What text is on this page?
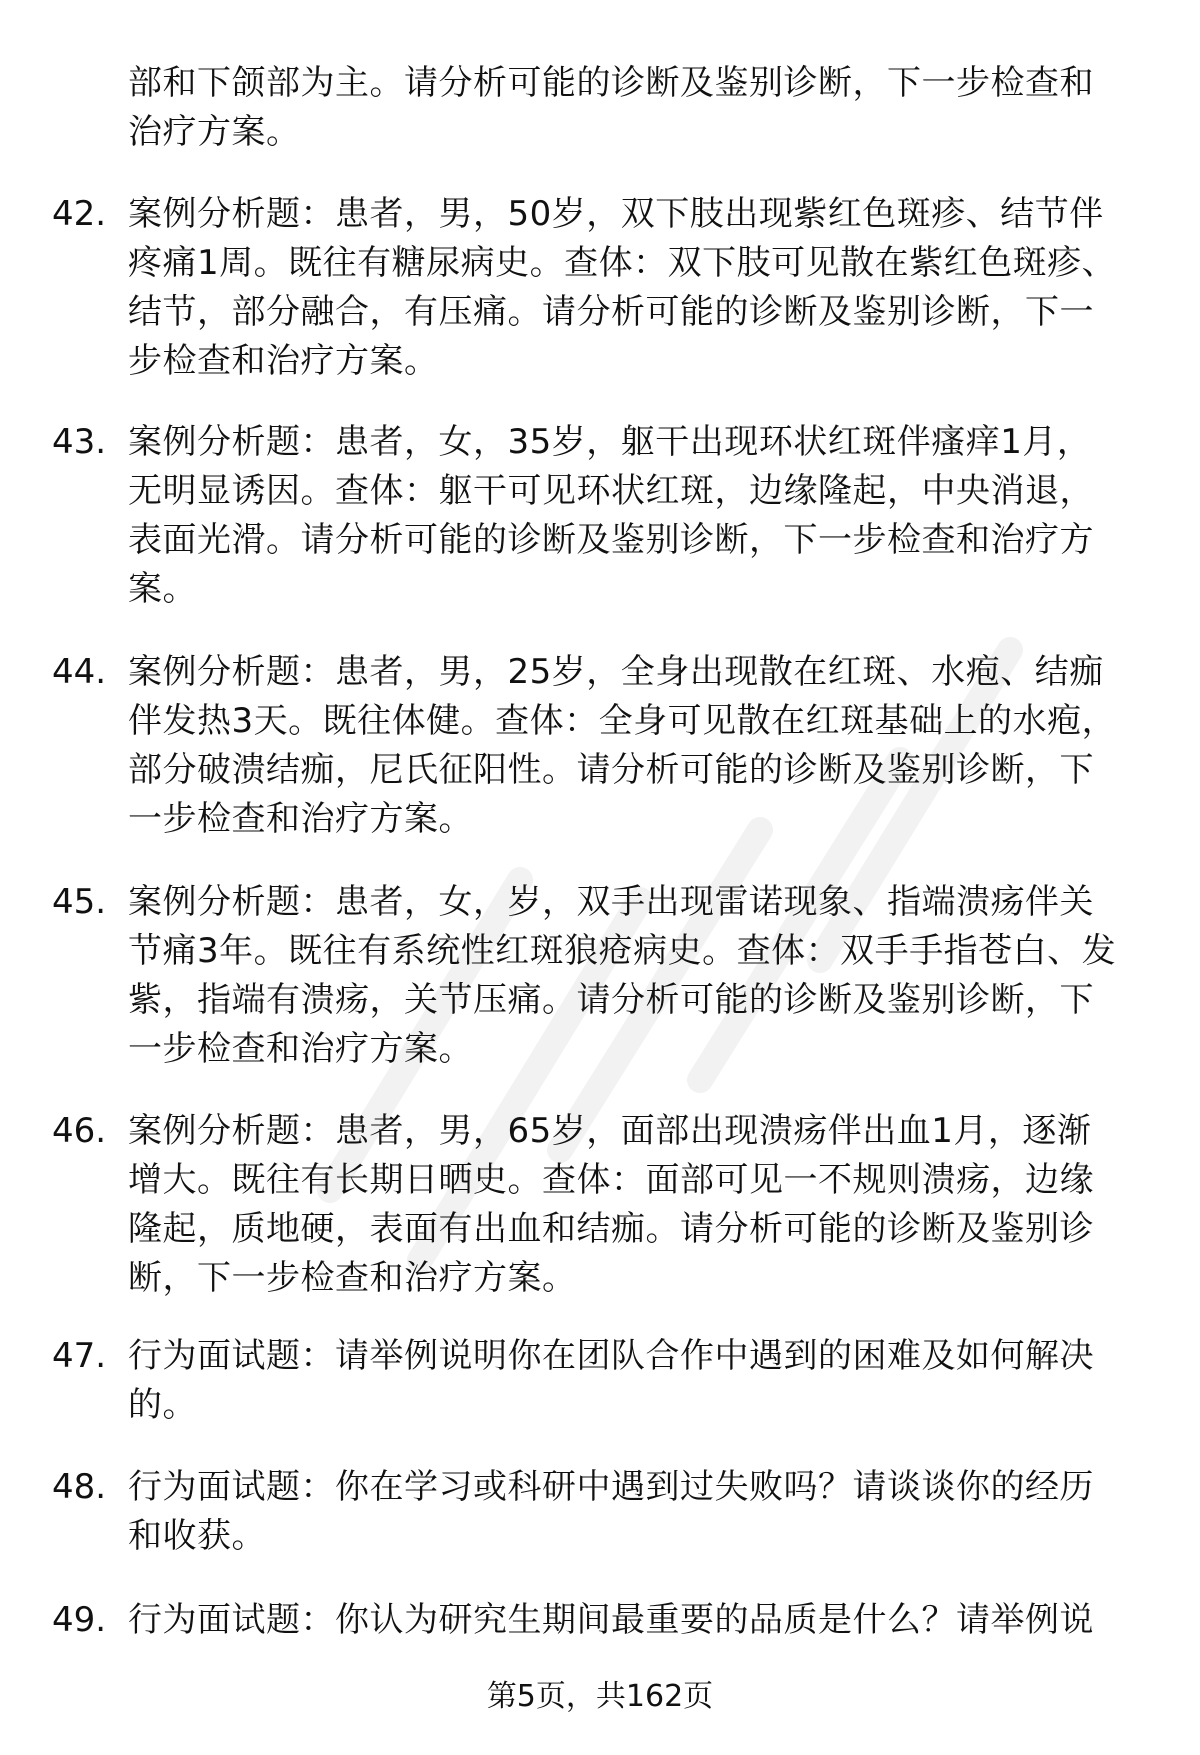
部和下颌部为主。请分析可能的诊断及鉴别诊断，下一步检查和
治疗方案。
42. 案例分析题：患者，男，50岁，双下肢出现紫红色斑疹、结节伴
疼痛1周。既往有糖尿病史。查体：双下肢可见散在紫红色斑疹、
结节，部分融合，有压痛。请分析可能的诊断及鉴别诊断，下一
步检查和治疗方案。
43. 案例分析题：患者，女，35岁，躯干出现环状红斑伴瘙痒1月，
无明显诱因。查体：躯干可见环状红斑，边缘隆起，中央消退，
表面光滑。请分析可能的诊断及鉴别诊断，下一步检查和治疗方
案。
44. 案例分析题：患者，男，25岁，全身出现散在红斑、水疱、结痂
伴发热3天。既往体健。查体：全身可见散在红斑基础上的水疱，
部分破溃结痂，尼氏征阳性。请分析可能的诊断及鉴别诊断，下
一步检查和治疗方案。
45. 案例分析题：患者，女，岁，双手出现雷诺现象、指端溃疡伴关
节痛3年。既往有系统性红斑狼疮病史。查体：双手手指苍白、发
紫，指端有溃疡，关节压痛。请分析可能的诊断及鉴别诊断，下
一步检查和治疗方案。
46. 案例分析题：患者，男，65岁，面部出现溃疡伴出血1月，逐渐
增大。既往有长期日晒史。查体：面部可见一不规则溃疡，边缘
隆起，质地硬，表面有出血和结痂。请分析可能的诊断及鉴别诊
断，下一步检查和治疗方案。
47. 行为面试题：请举例说明你在团队合作中遇到的困难及如何解决
的。
48. 行为面试题：你在学习或科研中遇到过失败吗？请谈谈你的经历
和收获。
49. 行为面试题：你认为研究生期间最重要的品质是什么？请举例说
第5页，共162页
